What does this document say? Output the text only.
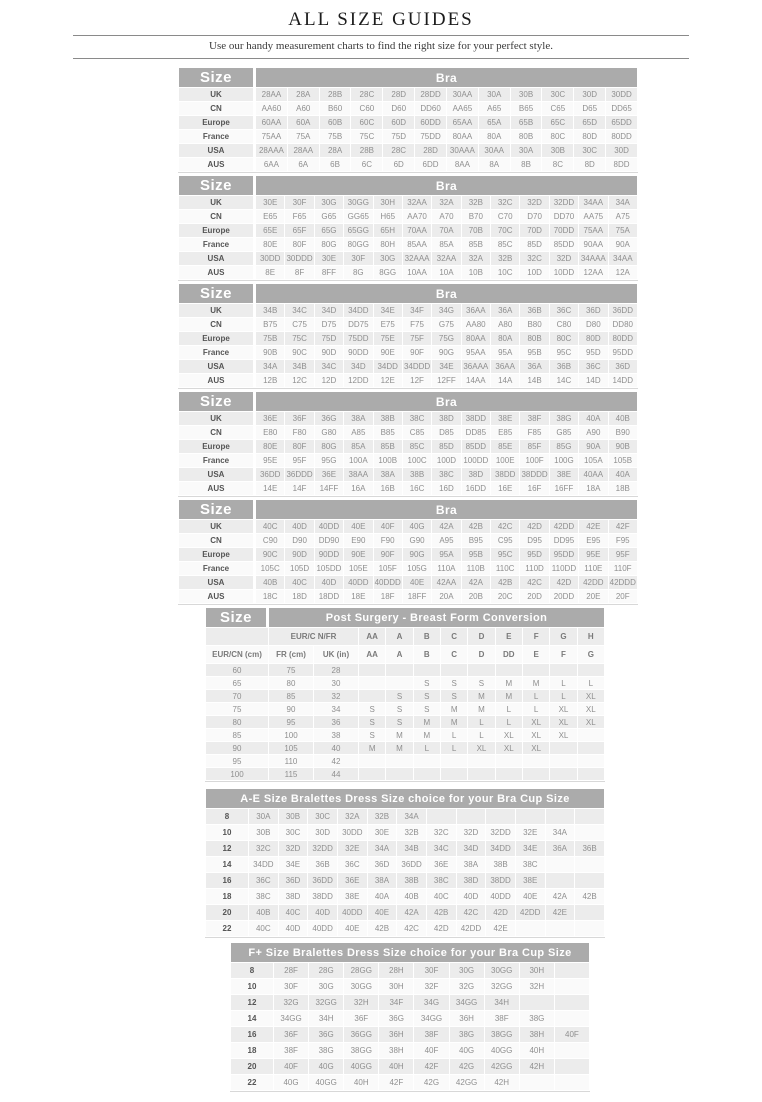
ALL SIZE GUIDES

Use our handy measurement charts to find the right size for your perfect style.

Size	Bra											
UK	28AA	28A	28B	28C	28D	28DD	30AA	30A	30B	30C	30D	30DD
CN	AA60	A60	B60	C60	D60	DD60	AA65	A65	B65	C65	D65	DD65
Europe	60AA	60A	60B	60C	60D	60DD	65AA	65A	65B	65C	65D	65DD
France	75AA	75A	75B	75C	75D	75DD	80AA	80A	80B	80C	80D	80DD
USA	28AAA	28AA	28A	28B	28C	28D	30AAA	30AA	30A	30B	30C	30D
AUS	6AA	6A	6B	6C	6D	6DD	8AA	8A	8B	8C	8D	8DD
Size	Bra												
UK	30E	30F	30G	30GG	30H	32AA	32A	32B	32C	32D	32DD	34AA	34A
CN	E65	F65	G65	GG65	H65	AA70	A70	B70	C70	D70	DD70	AA75	A75
Europe	65E	65F	65G	65GG	65H	70AA	70A	70B	70C	70D	70DD	75AA	75A
France	80E	80F	80G	80GG	80H	85AA	85A	85B	85C	85D	85DD	90AA	90A
USA	30DD	30DDD	30E	30F	30G	32AAA	32AA	32A	32B	32C	32D	34AAA	34AA
AUS	8E	8F	8FF	8G	8GG	10AA	10A	10B	10C	10D	10DD	12AA	12A
Size	Bra												
UK	34B	34C	34D	34DD	34E	34F	34G	36AA	36A	36B	36C	36D	36DD
CN	B75	C75	D75	DD75	E75	F75	G75	AA80	A80	B80	C80	D80	DD80
Europe	75B	75C	75D	75DD	75E	75F	75G	80AA	80A	80B	80C	80D	80DD
France	90B	90C	90D	90DD	90E	90F	90G	95AA	95A	95B	95C	95D	95DD
USA	34A	34B	34C	34D	34DD	34DDD	34E	36AAA	36AA	36A	36B	36C	36D
AUS	12B	12C	12D	12DD	12E	12F	12FF	14AA	14A	14B	14C	14D	14DD
Size	Bra												
UK	36E	36F	36G	38A	38B	38C	38D	38DD	38E	38F	38G	40A	40B
CN	E80	F80	G80	A85	B85	C85	D85	DD85	E85	F85	G85	A90	B90
Europe	80E	80F	80G	85A	85B	85C	85D	85DD	85E	85F	85G	90A	90B
France	95E	95F	95G	100A	100B	100C	100D	100DD	100E	100F	100G	105A	105B
USA	36DD	36DDD	36E	38AA	38A	38B	38C	38D	38DD	38DDD	38E	40AA	40A
AUS	14E	14F	14FF	16A	16B	16C	16D	16DD	16E	16F	16FF	18A	18B
Size	Bra												
UK	40C	40D	40DD	40E	40F	40G	42A	42B	42C	42D	42DD	42E	42F
CN	C90	D90	DD90	E90	F90	G90	A95	B95	C95	D95	DD95	E95	F95
Europe	90C	90D	90DD	90E	90F	90G	95A	95B	95C	95D	95DD	95E	95F
France	105C	105D	105DD	105E	105F	105G	110A	110B	110C	110D	110DD	110E	110F
USA	40B	40C	40D	40DD	40DDD	40E	42AA	42A	42B	42C	42D	42DD	42DDD
AUS	18C	18D	18DD	18E	18F	18FF	20A	20B	20C	20D	20DD	20E	20F
Size	Post Surgery - Breast Form Conversion										
	EUR/C N/FR		AA	A	B	C	D	E	F	G	H
EUR/CN (cm)	FR (cm)	UK (in)	AA	A	B	C	D	DD	E	F	G
60	75	28									
65	80	30			S	S	S	M	M	L	L
70	85	32		S	S	S	M	M	L	L	XL
75	90	34	S	S	S	M	M	L	L	XL	XL
80	95	36	S	S	M	M	L	L	XL	XL	XL
85	100	38	S	M	M	L	L	XL	XL	XL	
90	105	40	M	M	L	L	XL	XL	XL		
95	110	42									
100	115	44									
A-E Size Bralettes Dress Size choice for your Bra Cup Size												
8	30A	30B	30C	32A	32B	34A						
10	30B	30C	30D	30DD	30E	32B	32C	32D	32DD	32E	34A	
12	32C	32D	32DD	32E	34A	34B	34C	34D	34DD	34E	36A	36B
14	34DD	34E	36B	36C	36D	36DD	36E	38A	38B	38C		
16	36C	36D	36DD	36E	38A	38B	38C	38D	38DD	38E		
18	38C	38D	38DD	38E	40A	40B	40C	40D	40DD	40E	42A	42B
20	40B	40C	40D	40DD	40E	42A	42B	42C	42D	42DD	42E	
22	40C	40D	40DD	40E	42B	42C	42D	42DD	42E			
F+ Size Bralettes Dress Size choice for your Bra Cup Size									
8	28F	28G	28GG	28H	30F	30G	30GG	30H	
10	30F	30G	30GG	30H	32F	32G	32GG	32H	
12	32G	32GG	32H	34F	34G	34GG	34H		
14	34GG	34H	36F	36G	34GG	36H	38F	38G	
16	36F	36G	36GG	36H	38F	38G	38GG	38H	40F
18	38F	38G	38GG	38H	40F	40G	40GG	40H	
20	40F	40G	40GG	40H	42F	42G	42GG	42H	
22	40G	40GG	40H	42F	42G	42GG	42H		
